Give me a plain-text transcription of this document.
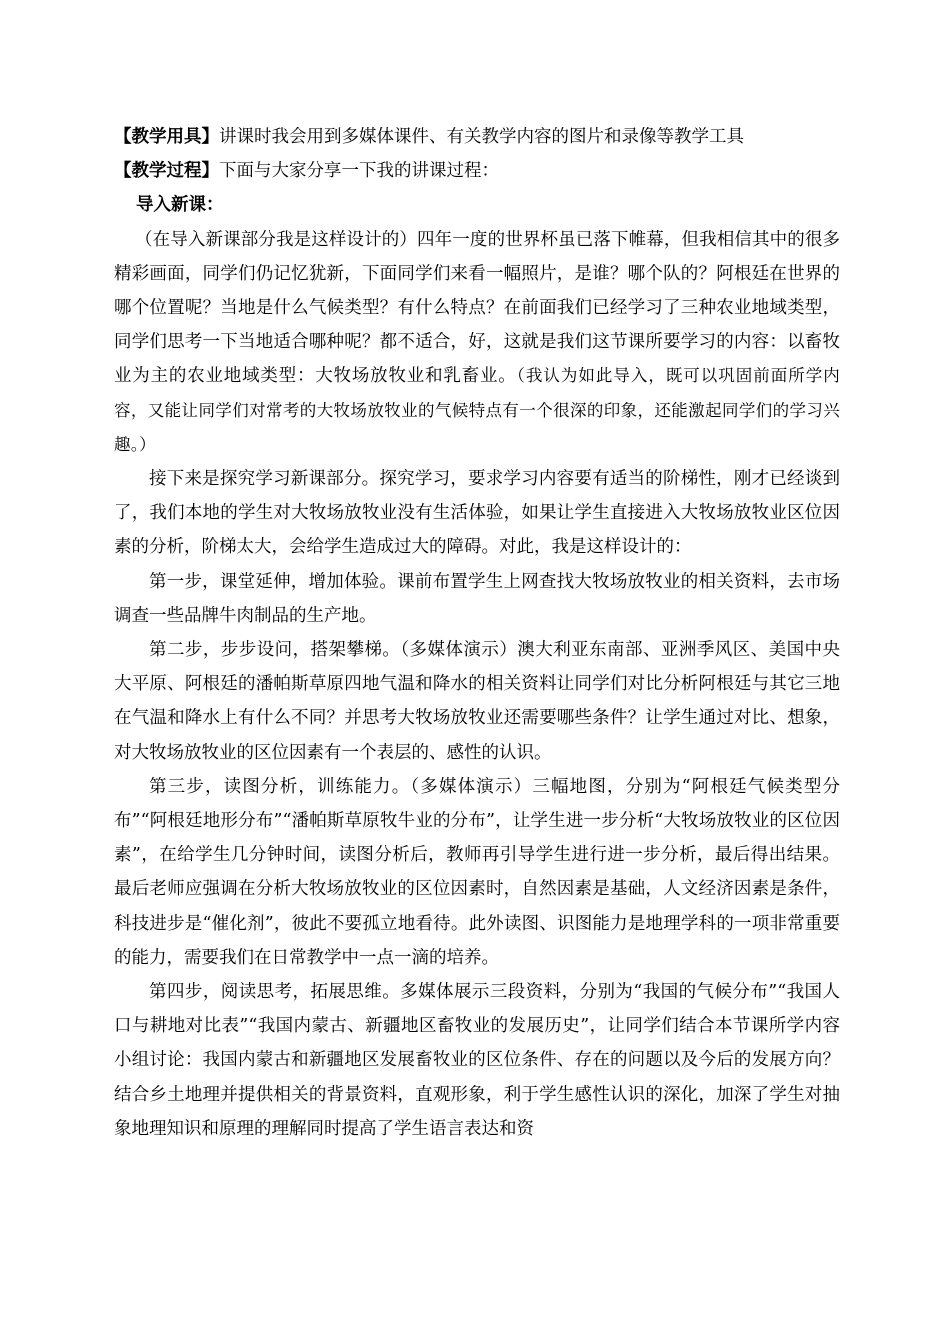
【教学用具】讲课时我会用到多媒体课件、有关教学内容的图片和录像等教学工具

【教学过程】下面与大家分享一下我的讲课过程：

导入新课：

（在导入新课部分我是这样设计的）四年一度的世界杯虽已落下帷幕，但我相信其中的很多精彩画面，同学们仍记忆犹新，下面同学们来看一幅照片，是谁？哪个队的？阿根廷在世界的哪个位置呢？当地是什么气候类型？有什么特点？在前面我们已经学习了三种农业地域类型，同学们思考一下当地适合哪种呢？都不适合，好，这就是我们这节课所要学习的内容：以畜牧业为主的农业地域类型：大牧场放牧业和乳畜业。（我认为如此导入，既可以巩固前面所学内容，又能让同学们对常考的大牧场放牧业的气候特点有一个很深的印象，还能激起同学们的学习兴趣。）

接下来是探究学习新课部分。探究学习，要求学习内容要有适当的阶梯性，刚才已经谈到了，我们本地的学生对大牧场放牧业没有生活体验，如果让学生直接进入大牧场放牧业区位因素的分析，阶梯太大，会给学生造成过大的障碍。对此，我是这样设计的：

第一步，课堂延伸，增加体验。课前布置学生上网查找大牧场放牧业的相关资料，去市场调查一些品牌牛肉制品的生产地。

第二步，步步设问，搭架攀梯。（多媒体演示）澳大利亚东南部、亚洲季风区、美国中央大平原、阿根廷的潘帕斯草原四地气温和降水的相关资料让同学们对比分析阿根廷与其它三地在气温和降水上有什么不同？并思考大牧场放牧业还需要哪些条件？让学生通过对比、想象，对大牧场放牧业的区位因素有一个表层的、感性的认识。

第三步，读图分析，训练能力。（多媒体演示）三幅地图，分别为“阿根廷气候类型分布”“阿根廷地形分布”“潘帕斯草原牧牛业的分布”，让学生进一步分析“大牧场放牧业的区位因素”，在给学生几分钟时间，读图分析后，教师再引导学生进行进一步分析，最后得出结果。最后老师应强调在分析大牧场放牧业的区位因素时，自然因素是基础，人文经济因素是条件，科技进步是“催化剂”，彼此不要孤立地看待。此外读图、识图能力是地理学科的一项非常重要的能力，需要我们在日常教学中一点一滴的培养。

第四步，阅读思考，拓展思维。多媒体展示三段资料，分别为“我国的气候分布”“我国人口与耕地对比表”“我国内蒙古、新疆地区畜牧业的发展历史”，让同学们结合本节课所学内容小组讨论：我国内蒙古和新疆地区发展畜牧业的区位条件、存在的问题以及今后的发展方向？结合乡土地理并提供相关的背景资料，直观形象，利于学生感性认识的深化，加深了学生对抽象地理知识和原理的理解同时提高了学生语言表达和资
